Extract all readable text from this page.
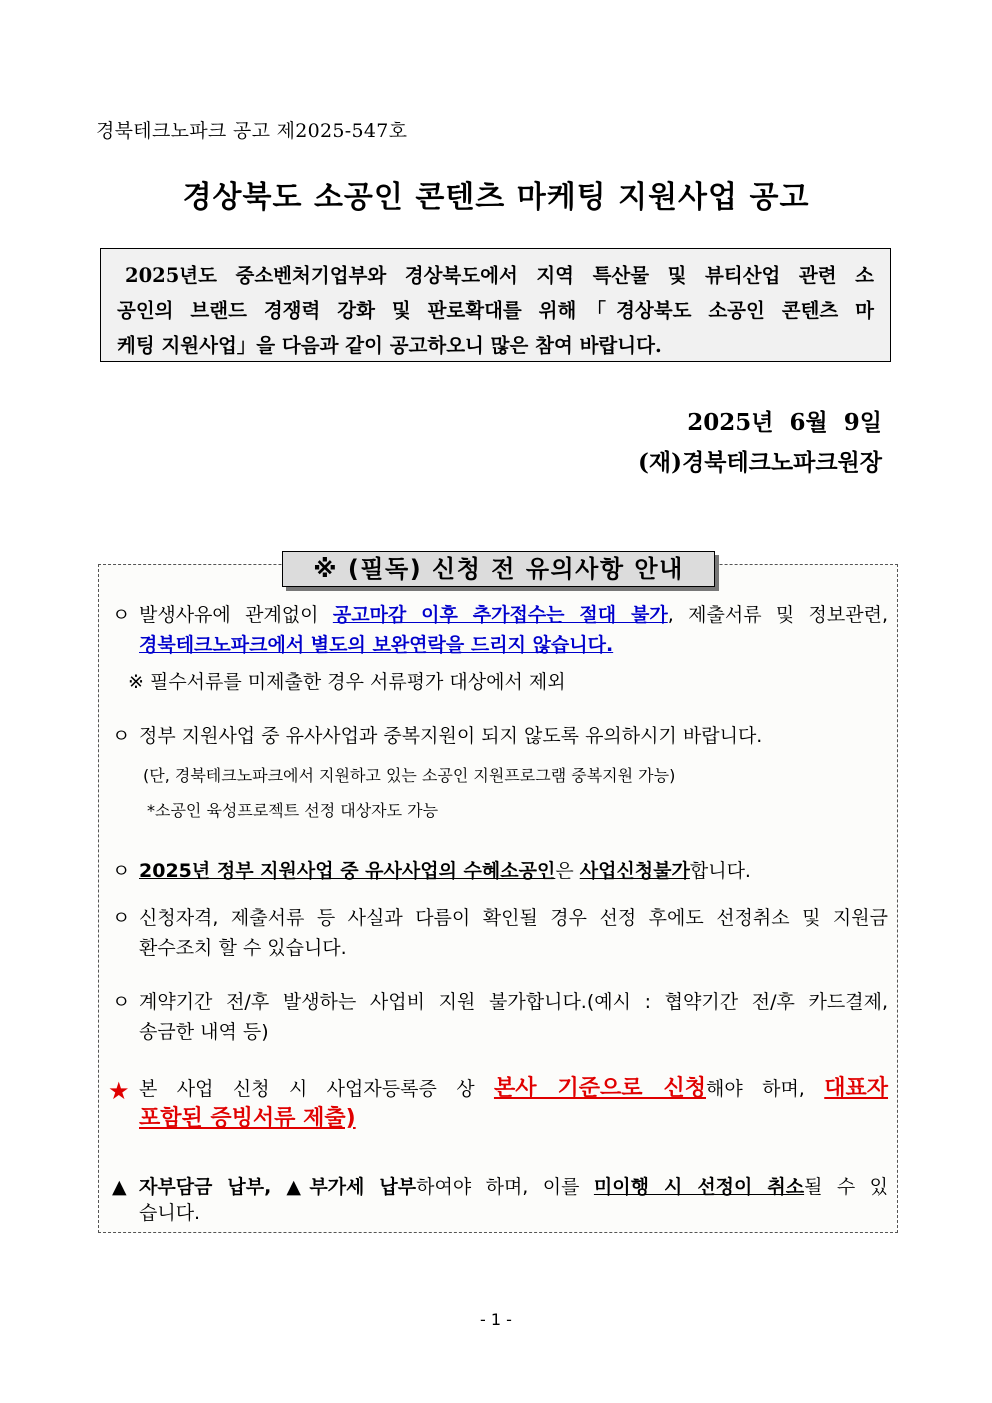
경북테크노파크 공고 제2025-547호
경상북도 소공인 콘텐츠 마케팅 지원사업 공고
2025년도 중소벤처기업부와 경상북도에서 지역 특산물 및 뷰티산업 관련 소
공인의 브랜드 경쟁력 강화 및 판로확대를 위해「경상북도 소공인 콘텐츠 마
케팅 지원사업」을 다음과 같이 공고하오니 많은 참여 바랍니다.
2025년  6월  9일
(재)경북테크노파크원장
※ (필독) 신청 전 유의사항 안내
ㅇ 발생사유에 관계없이 공고마감 이후 추가접수는 절대 불가, 제출서류 및 정보관련,
경북테크노파크에서 별도의 보완연락을 드리지 않습니다.
※ 필수서류를 미제출한 경우 서류평가 대상에서 제외
ㅇ 정부 지원사업 중 유사사업과 중복지원이 되지 않도록 유의하시기 바랍니다.
(단, 경북테크노파크에서 지원하고 있는 소공인 지원프로그램 중복지원 가능)
*소공인 육성프로젝트 선정 대상자도 가능
ㅇ 2025년 정부 지원사업 중 유사사업의 수혜소공인은 사업신청불가합니다.
ㅇ 신청자격, 제출서류 등 사실과 다름이 확인될 경우 선정 후에도 선정취소 및 지원금
환수조치 할 수 있습니다.
ㅇ 계약기간 전/후 발생하는 사업비 지원 불가합니다.(예시 : 협약기간 전/후 카드결제,
송금한 내역 등)
★ 본 사업 신청 시 사업자등록증 상 본사 기준으로 신청해야 하며, 대표자
포함된 증빙서류 제출)
▲ 자부담금 납부, ▲부가세 납부하여야 하며, 이를 미이행 시 선정이 취소될 수 있
습니다.
- 1 -
